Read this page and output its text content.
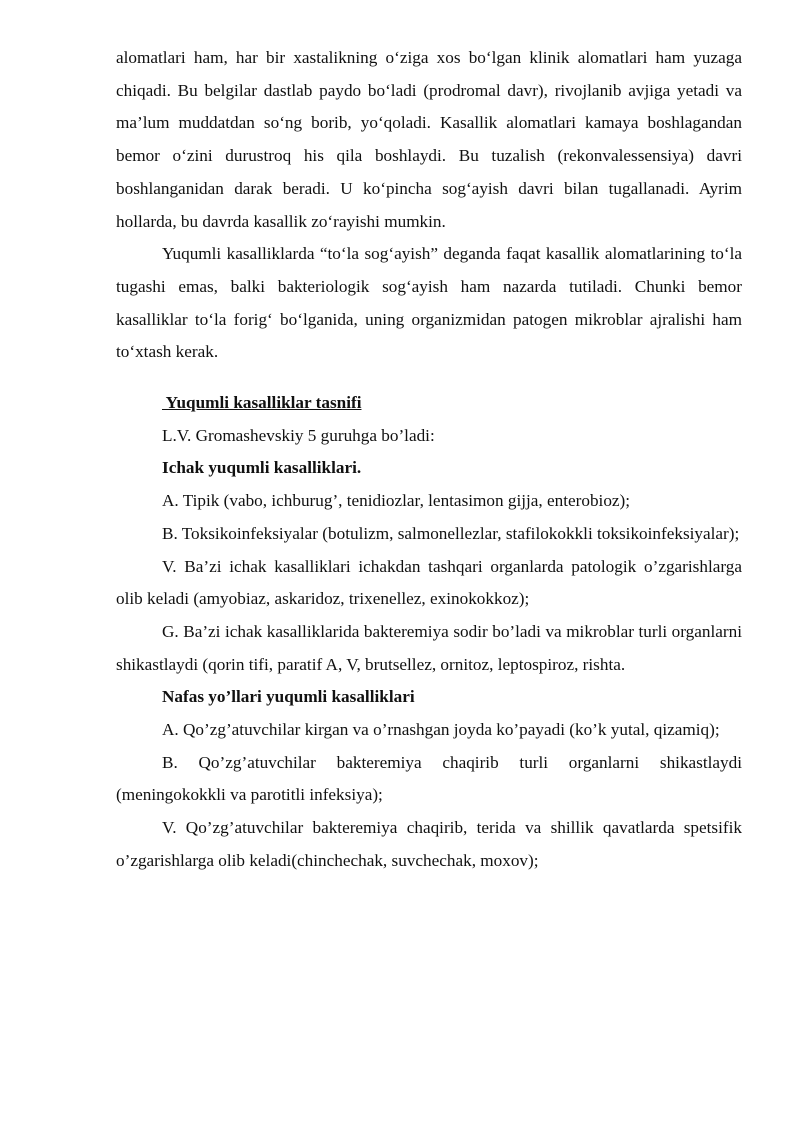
alomatlari ham, har bir xastalikning o‘ziga xos bo‘lgan klinik alomatlari ham yuzaga chiqadi. Bu belgilar dastlab paydo bo‘ladi (prodromal davr), rivojlanib avjiga yetadi va ma’lum muddatdan so‘ng borib, yo‘qoladi. Kasallik alomatlari kamaya boshlagandan bemor o‘zini durustroq his qila boshlaydi. Bu tuzalish (rekonvalessensiya) davri boshlanganidan darak beradi. U ko‘pincha sog‘ayish davri bilan tugallanadi. Ayrim hollarda, bu davrda kasallik zo‘rayishi mumkin.

Yuqumli kasalliklarda “to‘la sog‘ayish” deganda faqat kasallik alomatlarining to‘la tugashi emas, balki bakteriologik sog‘ayish ham nazarda tutiladi. Chunki bemor kasalliklar to‘la forig‘ bo‘lganida, uning organizmidan patogen mikroblar ajralishi ham to‘xtash kerak.

Yuqumli kasalliklar tasnifi

L.V. Gromashevskiy 5 guruhga bo’ladi:

Ichak yuqumli kasalliklari.

A. Tipik (vabo, ichburug’, tenidiozlar, lentasimon gijja, enterobioz);

B. Toksikoinfeksiyalar (botulizm, salmonellezlar, stafilokokkli toksikoinfeksiyalar);

V. Ba’zi ichak kasalliklari ichakdan tashqari organlarda patologik o’zgarishlarga olib keladi (amyobiaz, askaridoz, trixenellez, exinokokkoz);

G. Ba’zi ichak kasalliklarida bakteremiya sodir bo’ladi va mikroblar turli organlarni shikastlaydi (qorin tifi, paratif A, V, brutsellez, ornitoz, leptospiroz, rishta.

Nafas yo’llari yuqumli kasalliklari

A. Qo’zg’atuvchilar kirgan va o’rnashgan joyda ko’payadi (ko’k yutal, qizamiq);

B. Qo’zg’atuvchilar bakteremiya chaqirib turli organlarni shikastlaydi (meningokokkli va parotitli infeksiya);

V. Qo’zg’atuvchilar bakteremiya chaqirib, terida va shillik qavatlarda spetsifik o’zgarishlarga olib keladi(chinchechak, suvchechak, moxov);
